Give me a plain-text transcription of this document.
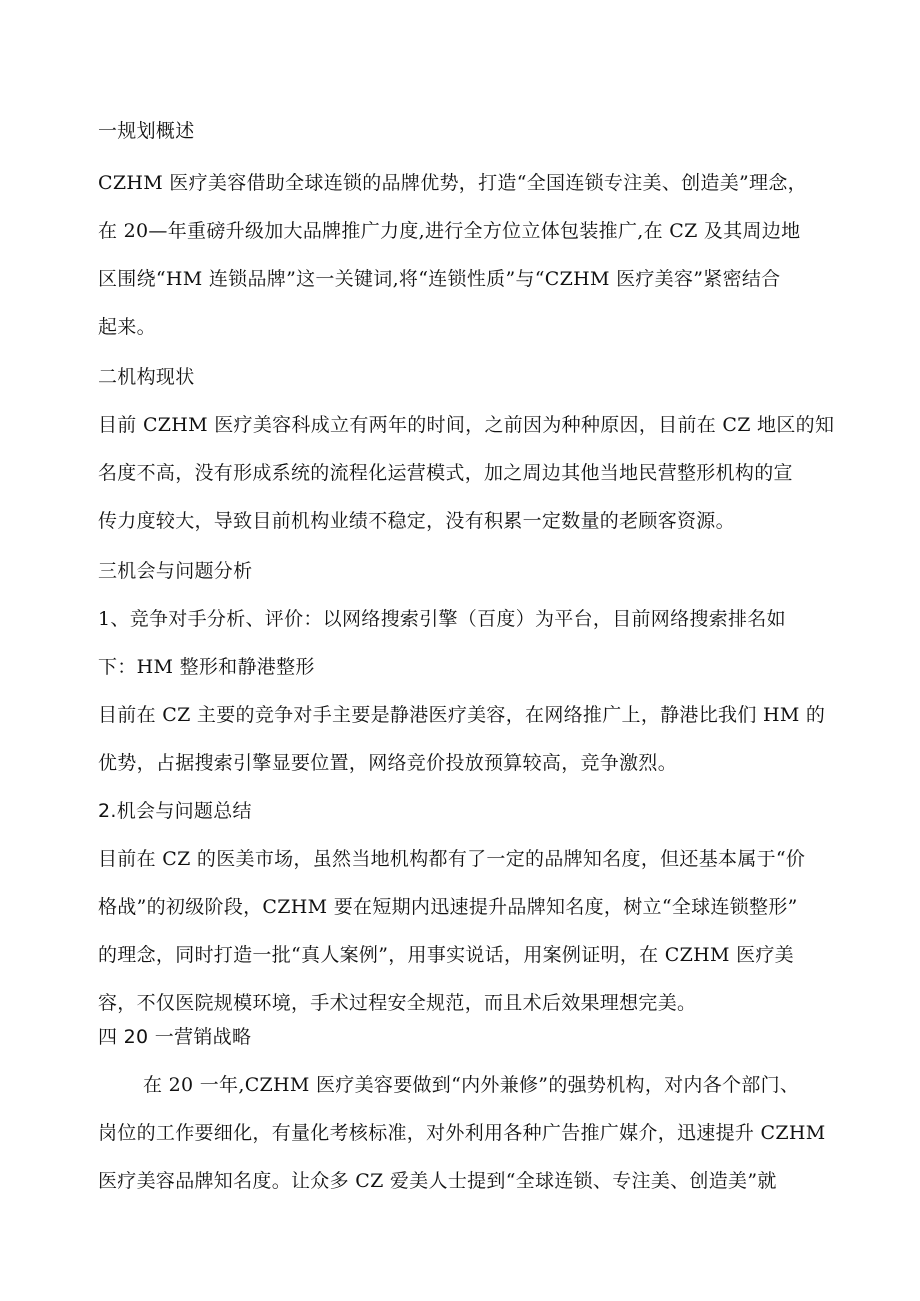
一规划概述
CZHM 医疗美容借助全球连锁的品牌优势，打造“全国连锁专注美、创造美”理念，
在 20—年重磅升级加大品牌推广力度,进行全方位立体包装推广,在 CZ 及其周边地
区围绕“HM 连锁品牌”这一关键词,将“连锁性质”与“CZHM 医疗美容”紧密结合
起来。
二机构现状
目前 CZHM 医疗美容科成立有两年的时间，之前因为种种原因，目前在 CZ 地区的知
名度不高，没有形成系统的流程化运营模式，加之周边其他当地民营整形机构的宣
传力度较大，导致目前机构业绩不稳定，没有积累一定数量的老顾客资源。
三机会与问题分析
1、竞争对手分析、评价：以网络搜索引擎（百度）为平台，目前网络搜索排名如
下：HM 整形和静港整形
目前在 CZ 主要的竞争对手主要是静港医疗美容，在网络推广上，静港比我们 HM 的
优势，占据搜索引擎显要位置，网络竞价投放预算较高，竞争激烈。
2.机会与问题总结
目前在 CZ 的医美市场，虽然当地机构都有了一定的品牌知名度，但还基本属于“价
格战”的初级阶段，CZHM 要在短期内迅速提升品牌知名度，树立“全球连锁整形”
的理念，同时打造一批“真人案例”，用事实说话，用案例证明，在 CZHM 医疗美
容，不仅医院规模环境，手术过程安全规范，而且术后效果理想完美。
四 20 一营销战略
在 20 一年,CZHM 医疗美容要做到“内外兼修”的强势机构，对内各个部门、
岗位的工作要细化，有量化考核标准，对外利用各种广告推广媒介，迅速提升 CZHM
医疗美容品牌知名度。让众多 CZ 爱美人士提到“全球连锁、专注美、创造美”就
